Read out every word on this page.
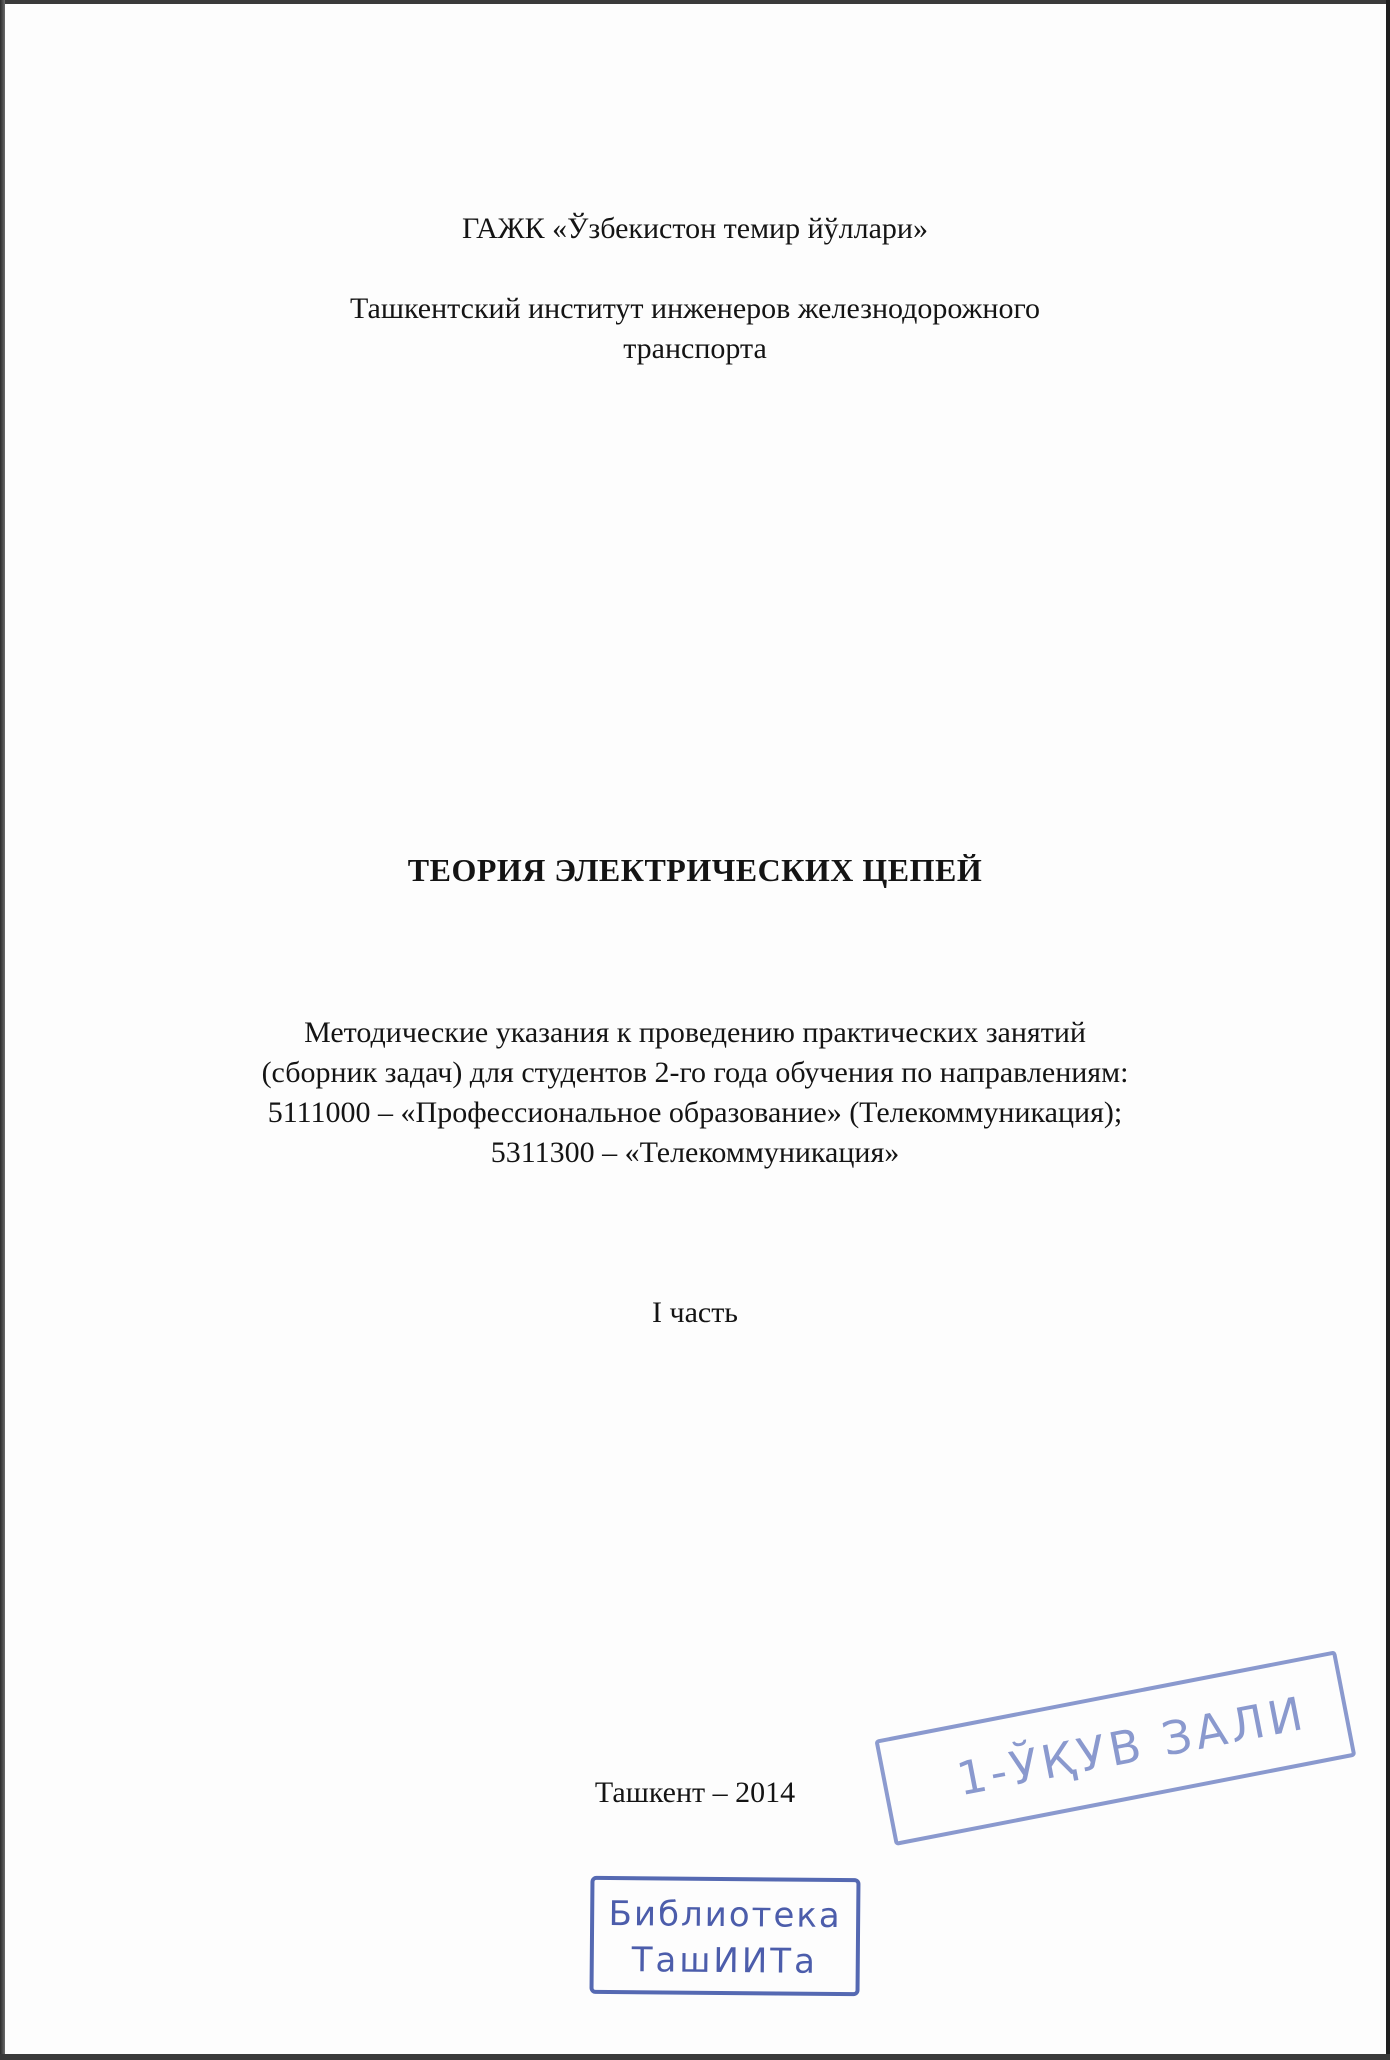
ГАЖК «Ўзбекистон темир йўллари»
Ташкентский институт инженеров железнодорожного
транспорта
ТЕОРИЯ ЭЛЕКТРИЧЕСКИХ ЦЕПЕЙ
Методические указания к проведению практических занятий
(сборник задач) для студентов 2-го года обучения по направлениям:
5111000 – «Профессиональное образование» (Телекоммуникация);
5311300 – «Телекоммуникация»
I часть
Ташкент – 2014	1-ЎҚУВ ЗАЛИ
Библиотека
ТашИИТа
